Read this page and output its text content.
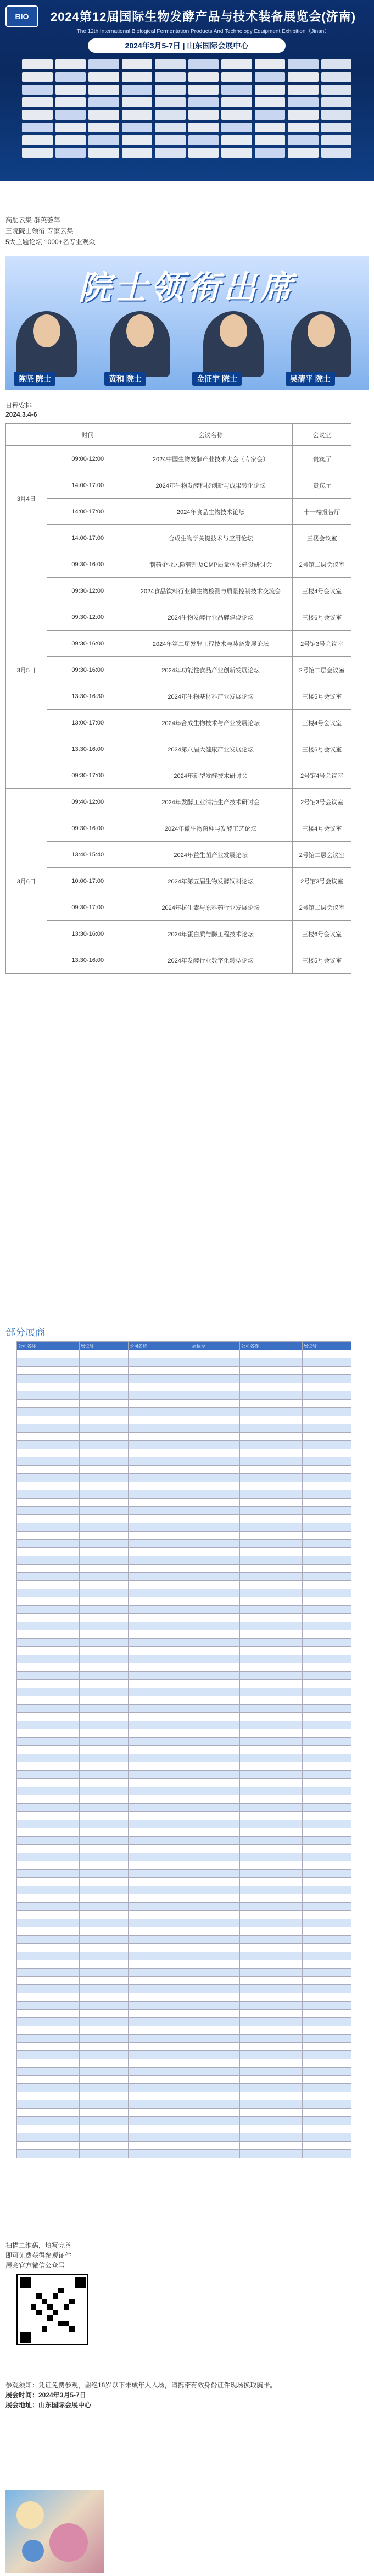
BIO	2024第12届国际生物发酵产品与技术装备展览会(济南)
The 12th International Biological Fermentation Products And Technology Equipment Exhibition（Jinan）
2024年3月5-7日 | 山东国际会展中心
高朋云集 群英荟萃
三院院士领衔 专家云集
5大主题论坛 1000+名专业观众
院士领衔出席
陈坚 院士	黄和 院士	金征宇 院士	吴清平 院士
日程安排
2024.3.4-6
	时间	会议名称	会议室
3月4日	09:00-12:00	2024中国生物发酵产业技术大会（专家会）	贵宾厅
	14:00-17:00	2024年生物发酵科技创新与成果转化论坛	贵宾厅
	14:00-17:00	2024年食品生物技术论坛	十一楼报告厅
	14:00-17:00	合成生物学关键技术与应用论坛	三楼会议室
3月5日	09:30-16:00	制药企业风险管理及GMP质量体系建设研讨会	2号馆二层会议室
	09:30-12:00	2024食品饮料行业微生物检测与质量控制技术交流会	三楼4号会议室
	09:30-12:00	2024生物发酵行业品牌建设论坛	三楼6号会议室
	09:30-16:00	2024年第二届发酵工程技术与装备发展论坛	2号馆3号会议室
	09:30-16:00	2024年功能性食品产业创新发展论坛	2号馆二层会议室
	13:30-16:30	2024年生物基材料产业发展论坛	三楼5号会议室
	13:00-17:00	2024年合成生物技术与产业发展论坛	三楼4号会议室
	13:30-16:00	2024第八届大健康产业发展论坛	三楼6号会议室
	09:30-17:00	2024年新型发酵技术研讨会	2号馆4号会议室
3月6日	09:40-12:00	2024年发酵工业清洁生产技术研讨会	2号馆3号会议室
	09:30-16:00	2024年微生物菌种与发酵工艺论坛	三楼4号会议室
	13:40-15:40	2024年益生菌产业发展论坛	2号馆二层会议室
	10:00-17:00	2024年第五届生物发酵饲料论坛	2号馆3号会议室
	09:30-17:00	2024年抗生素与原料药行业发展论坛	2号馆二层会议室
	13:30-16:00	2024年蛋白质与酶工程技术论坛	三楼6号会议室
	13:30-16:00	2024年发酵行业数字化转型论坛	三楼5号会议室
部分展商
公司名称	展位号	公司名称	展位号	公司名称	展位号

扫描二维码，填写完善
即可免费获得参观证件
展会官方微信公众号
参观须知：凭证免费参观，谢绝18岁以下未成年人入场，请携带有效身份证件现场换取胸卡。
展会时间：2024年3月5-7日
展会地址：山东国际会展中心
